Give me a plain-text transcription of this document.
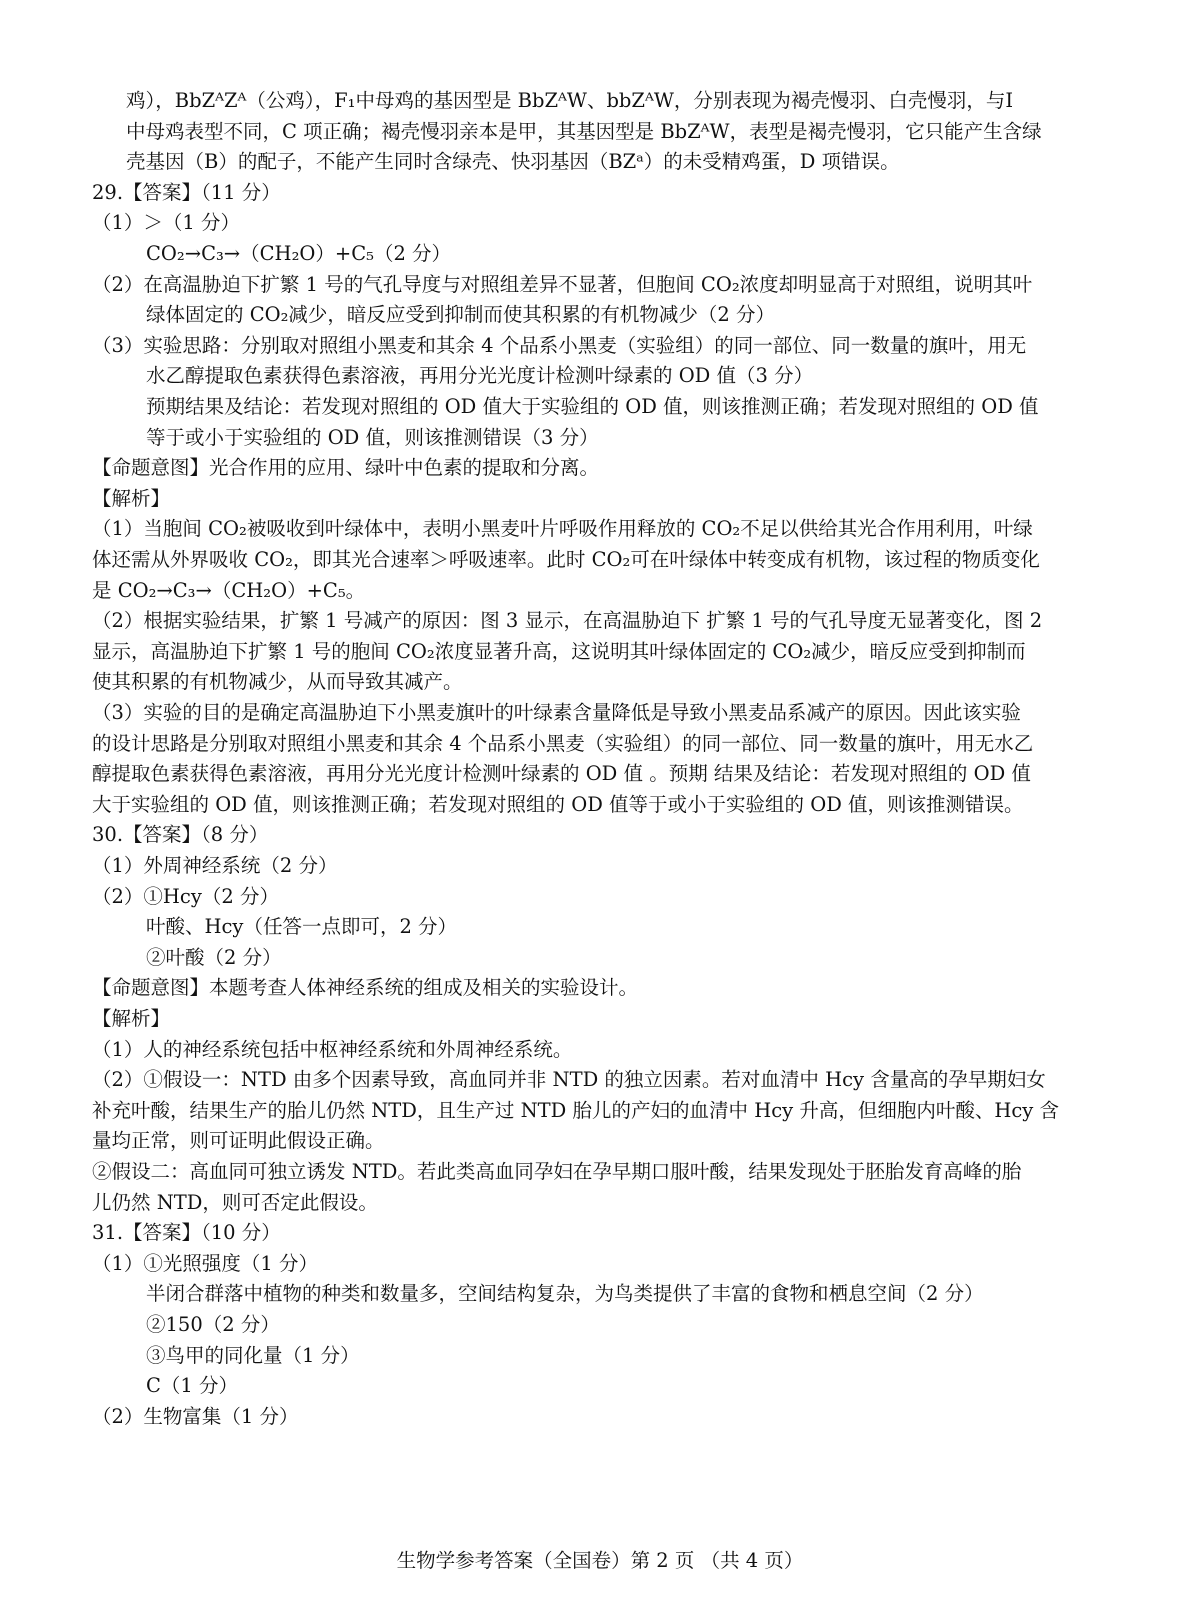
鸡），BbZᴬZᴬ（公鸡），F₁中母鸡的基因型是 BbZᴬW、bbZᴬW，分别表现为褐壳慢羽、白壳慢羽，与Ⅰ
中母鸡表型不同，C 项正确；褐壳慢羽亲本是甲，其基因型是 BbZᴬW，表型是褐壳慢羽，它只能产生含绿
壳基因（B）的配子，不能产生同时含绿壳、快羽基因（BZᵃ）的未受精鸡蛋，D 项错误。
29.【答案】（11 分）
（1）＞（1 分）
CO₂→C₃→（CH₂O）+C₅（2 分）
（2）在高温胁迫下扩繁 1 号的气孔导度与对照组差异不显著，但胞间 CO₂浓度却明显高于对照组，说明其叶
绿体固定的 CO₂减少，暗反应受到抑制而使其积累的有机物减少（2 分）
（3）实验思路：分别取对照组小黑麦和其余 4 个品系小黑麦（实验组）的同一部位、同一数量的旗叶，用无
水乙醇提取色素获得色素溶液，再用分光光度计检测叶绿素的 OD 值（3 分）
预期结果及结论：若发现对照组的 OD 值大于实验组的 OD 值，则该推测正确；若发现对照组的 OD 值
等于或小于实验组的 OD 值，则该推测错误（3 分）
【命题意图】光合作用的应用、绿叶中色素的提取和分离。
【解析】
（1）当胞间 CO₂被吸收到叶绿体中，表明小黑麦叶片呼吸作用释放的 CO₂不足以供给其光合作用利用，叶绿
体还需从外界吸收 CO₂，即其光合速率＞呼吸速率。此时 CO₂可在叶绿体中转变成有机物，该过程的物质变化
是 CO₂→C₃→（CH₂O）+C₅。
（2）根据实验结果，扩繁 1 号减产的原因：图 3 显示，在高温胁迫下 扩繁 1 号的气孔导度无显著变化，图 2
显示，高温胁迫下扩繁 1 号的胞间 CO₂浓度显著升高，这说明其叶绿体固定的 CO₂减少，暗反应受到抑制而
使其积累的有机物减少，从而导致其减产。
（3）实验的目的是确定高温胁迫下小黑麦旗叶的叶绿素含量降低是导致小黑麦品系减产的原因。因此该实验
的设计思路是分别取对照组小黑麦和其余 4 个品系小黑麦（实验组）的同一部位、同一数量的旗叶，用无水乙
醇提取色素获得色素溶液，再用分光光度计检测叶绿素的 OD 值 。预期 结果及结论：若发现对照组的 OD 值
大于实验组的 OD 值，则该推测正确；若发现对照组的 OD 值等于或小于实验组的 OD 值，则该推测错误。
30.【答案】（8 分）
（1）外周神经系统（2 分）
（2）①Hcy（2 分）
叶酸、Hcy（任答一点即可，2 分）
②叶酸（2 分）
【命题意图】本题考查人体神经系统的组成及相关的实验设计。
【解析】
（1）人的神经系统包括中枢神经系统和外周神经系统。
（2）①假设一：NTD 由多个因素导致，高血同并非 NTD 的独立因素。若对血清中 Hcy 含量高的孕早期妇女
补充叶酸，结果生产的胎儿仍然 NTD，且生产过 NTD 胎儿的产妇的血清中 Hcy 升高，但细胞内叶酸、Hcy 含
量均正常，则可证明此假设正确。
②假设二：高血同可独立诱发 NTD。若此类高血同孕妇在孕早期口服叶酸，结果发现处于胚胎发育高峰的胎
儿仍然 NTD，则可否定此假设。
31.【答案】（10 分）
（1）①光照强度（1 分）
半闭合群落中植物的种类和数量多，空间结构复杂，为鸟类提供了丰富的食物和栖息空间（2 分）
②150（2 分）
③鸟甲的同化量（1 分）
C（1 分）
（2）生物富集（1 分）
生物学参考答案（全国卷）第 2 页 （共 4 页）
